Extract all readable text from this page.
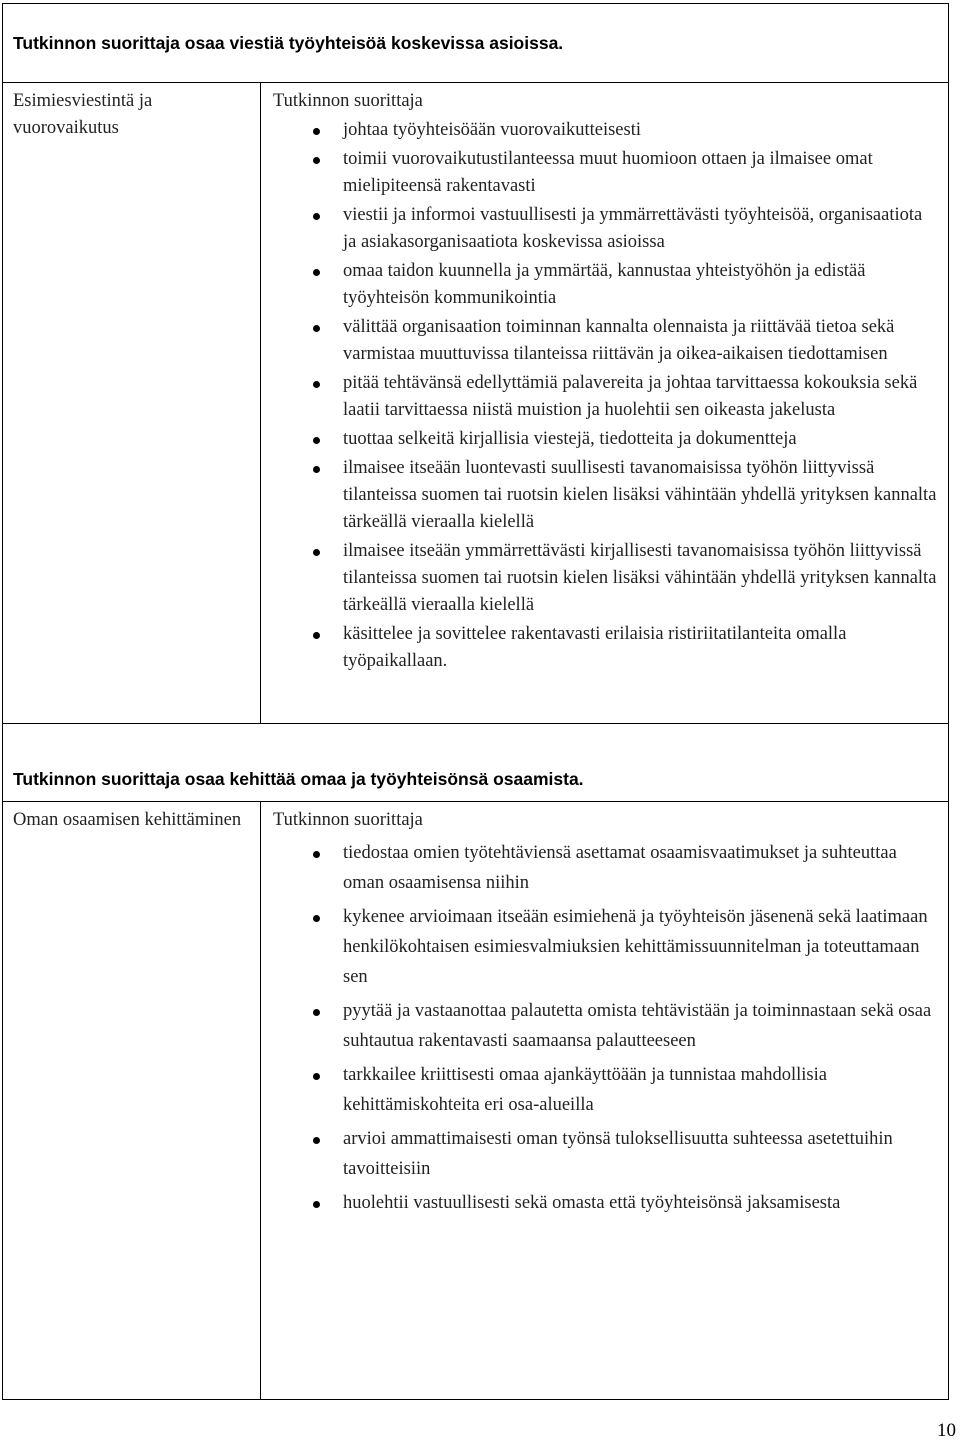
Tutkinnon suorittaja osaa viestiä työyhteisöä koskevissa asioissa.
Esimiesviestintä ja vuorovaikutus
Tutkinnon suorittaja
johtaa työyhteisöään vuorovaikutteisesti
toimii vuorovaikutustilanteessa muut huomioon ottaen ja ilmaisee omat mielipiteensä rakentavasti
viestii ja informoi vastuullisesti ja ymmärrettävästi työyhteisöä, organisaatiota ja asiakasorganisaatiota koskevissa asioissa
omaa taidon kuunnella ja ymmärtää, kannustaa yhteistyöhön ja edistää työyhteisön kommunikointia
välittää organisaation toiminnan kannalta olennaista ja riittävää tietoa sekä varmistaa muuttuvissa tilanteissa riittävän ja oikea-aikaisen tiedottamisen
pitää tehtävänsä edellyttämiä palavereita ja johtaa tarvittaessa kokouksia sekä laatii tarvittaessa niistä muistion ja huolehtii sen oikeasta jakelusta
tuottaa selkeitä kirjallisia viestejä, tiedotteita ja dokumentteja
ilmaisee itseään luontevasti suullisesti tavanomaisissa työhön liittyvissä tilanteissa suomen tai ruotsin kielen lisäksi vähintään yhdellä yrityksen kannalta tärkeällä vieraalla kielellä
ilmaisee itseään ymmärrettävästi kirjallisesti tavanomaisissa työhön liittyvissä tilanteissa suomen tai ruotsin kielen lisäksi vähintään yhdellä yrityksen kannalta tärkeällä vieraalla kielellä
käsittelee ja sovittelee rakentavasti erilaisia ristiriitatilanteita omalla työpaikallaan.
Tutkinnon suorittaja osaa kehittää omaa ja työyhteisönsä osaamista.
Oman osaamisen kehittäminen	Tutkinnon suorittaja
tiedostaa omien työtehtäviensä asettamat osaamisvaatimukset ja suhteuttaa oman osaamisensa niihin
kykenee arvioimaan itseään esimiehenä ja työyhteisön jäsenenä sekä laatimaan henkilökohtaisen esimiesvalmiuksien kehittämissuunnitelman ja toteuttamaan sen
pyytää ja vastaanottaa palautetta omista tehtävistään ja toiminnastaan sekä osaa suhtautua rakentavasti saamaansa palautteeseen
tarkkailee kriittisesti omaa ajankäyttöään ja tunnistaa mahdollisia kehittämiskohteita eri osa-alueilla
arvioi ammattimaisesti oman työnsä tuloksellisuutta suhteessa asetettuihin tavoitteisiin
huolehtii vastuullisesti sekä omasta että työyhteisönsä jaksamisesta
10
